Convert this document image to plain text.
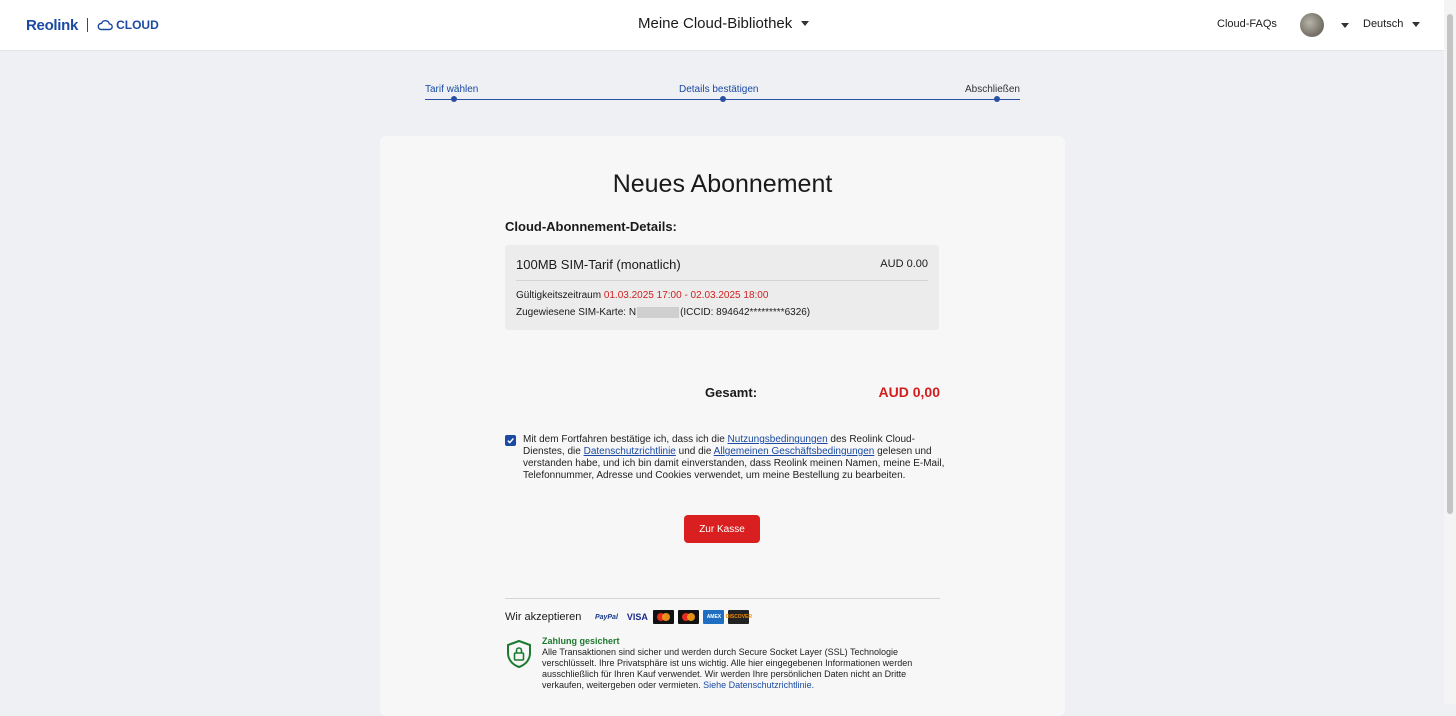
Reolink	CLOUD	Meine Cloud-Bibliothek	Cloud-FAQs	Deutsch
Tarif wählen	Details bestätigen	Abschließen
Neues Abonnement
Cloud-Abonnement-Details:
100MB SIM-Tarif (monatlich)	AUD 0.00
Gültigkeitszeitraum 01.03.2025 17:00 - 02.03.2025 18:00
Zugewiesene SIM-Karte: N	(ICCID: 894642*********6326)
Gesamt:	AUD 0,00
Mit dem Fortfahren bestätige ich, dass ich die Nutzungsbedingungen des Reolink Cloud-Dienstes, die Datenschutzrichtlinie und die Allgemeinen Geschäftsbedingungen gelesen und verstanden habe, und ich bin damit einverstanden, dass Reolink meinen Namen, meine E-Mail, Telefonnummer, Adresse und Cookies verwendet, um meine Bestellung zu bearbeiten.
Zur Kasse
Wir akzeptieren	PayPal	VISA	AMEX DISCOVER
Zahlung gesichert
Alle Transaktionen sind sicher und werden durch Secure Socket Layer (SSL) Technologie verschlüsselt. Ihre Privatsphäre ist uns wichtig. Alle hier eingegebenen Informationen werden ausschließlich für Ihren Kauf verwendet. Wir werden Ihre persönlichen Daten nicht an Dritte verkaufen, weitergeben oder vermieten. Siehe Datenschutzrichtlinie.
